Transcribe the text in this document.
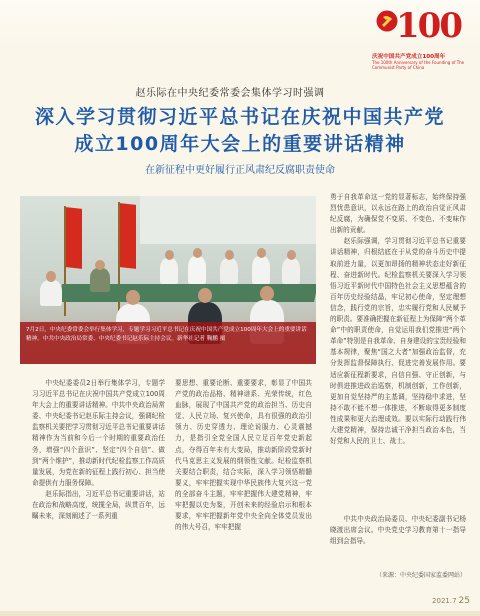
100
庆祝中国共产党成立100周年
The 100th Anniversary of the Founding of The Communist Party of China
赵乐际在中央纪委常委会集体学习时强调
深入学习贯彻习近平总书记在庆祝中国共产党
成立100周年大会上的重要讲话精神
在新征程中更好履行正风肃纪反腐职责使命
7月2日，中央纪委常委会举行集体学习，专题学习习近平总书记在庆祝中国共产党成立100周年大会上的重要讲话精神。中共中央政治局常委、中央纪委书记赵乐际主持会议。新华社记者 鞠鹏 摄
勇于自我革命这一党的显著标志，始终保持强烈忧患意识，以永远在路上的政治自觉正风肃纪反腐，为确保党不变质、不变色、不变味作出新的贡献。
　　赵乐际强调，学习贯彻习近平总书记重要讲话精神，归根结底在于从党的奋斗历史中提取前进力量，以更加昂扬的精神状态走好新征程、奋进新时代。纪检监察机关要深入学习领悟习近平新时代中国特色社会主义思想蕴含的百年历史经验结晶，牢记初心使命，坚定理想信念，践行党的宗旨，忠实履行党和人民赋予的职责。要准确把握在新征程上为保障“两个革命”中的职责使命，自觉运用我们党推进“两个革命”特别是自我革命、自身建设的宝贵经验和基本规律，聚焦“国之大者”加强政治监督，充分发挥监督保障执行、促进完善发展作用。要适应新征程新要求，自信自强、守正创新，与时俱进推进政治巡察，机制创新，工作创新，更加自觉坚持严的主基调，坚持稳中求进，坚持不敢不能不想一体推进，不断取得更多制度性成果和更大治理成效。要以实际行动践行伟大建党精神，保持忠诚干净担当政治本色，当好党和人民的卫士、战士。
　　中央纪委委员2日举行集体学习，专题学习习近平总书记在庆祝中国共产党成立100周年大会上的重要讲话精神。中共中央政治局常委、中央纪委书记赵乐际主持会议，强调纪检监察机关要把学习贯彻习近平总书记重要讲话精神作为当前和今后一个时期的重要政治任务，增强“四个意识”、坚定“四个自信”、做到“两个维护”，推动新时代纪检监察工作高质量发展，为党在新的征程上践行初心、担当使命提供有力服务保障。
　　赵乐际指出，习近平总书记重要讲话，站在政治和战略高度，统揽全局，纵贯百年，远瞩未来，深刻阐述了一系列重
要思想、重要论断、重要要求，彰显了中国共产党的政治品格、精神谱系、光荣传统，红色血脉，展现了中国共产党的政治担当、历史自觉、人民立场、复兴使命，具有很强的政治引领力、历史穿透力、理论说服力、心灵震撼力，是指引全党全国人民立足百年党史新起点，夺得百年未有大变局，推动新阶段党新时代马克思主义发展的纲领性文献。纪检监察机关要结合职责，结合实际，深入学习领悟精髓要义，牢牢把握实现中华民族伟大复兴这一党的全部奋斗主题，牢牢把握伟大建党精神，牢牢把握以史为鉴，开创未来的经验启示和根本要求，牢牢把握新年党中央全向全体党员发出的伟大号召，牢牢把握
　　中共中央政治局委员、中央纪委副书记杨晓渡出席会议。中央党史学习教育第十一指导组到会指导。
（来源：中央纪委国家监委网站）
2021.7 25
